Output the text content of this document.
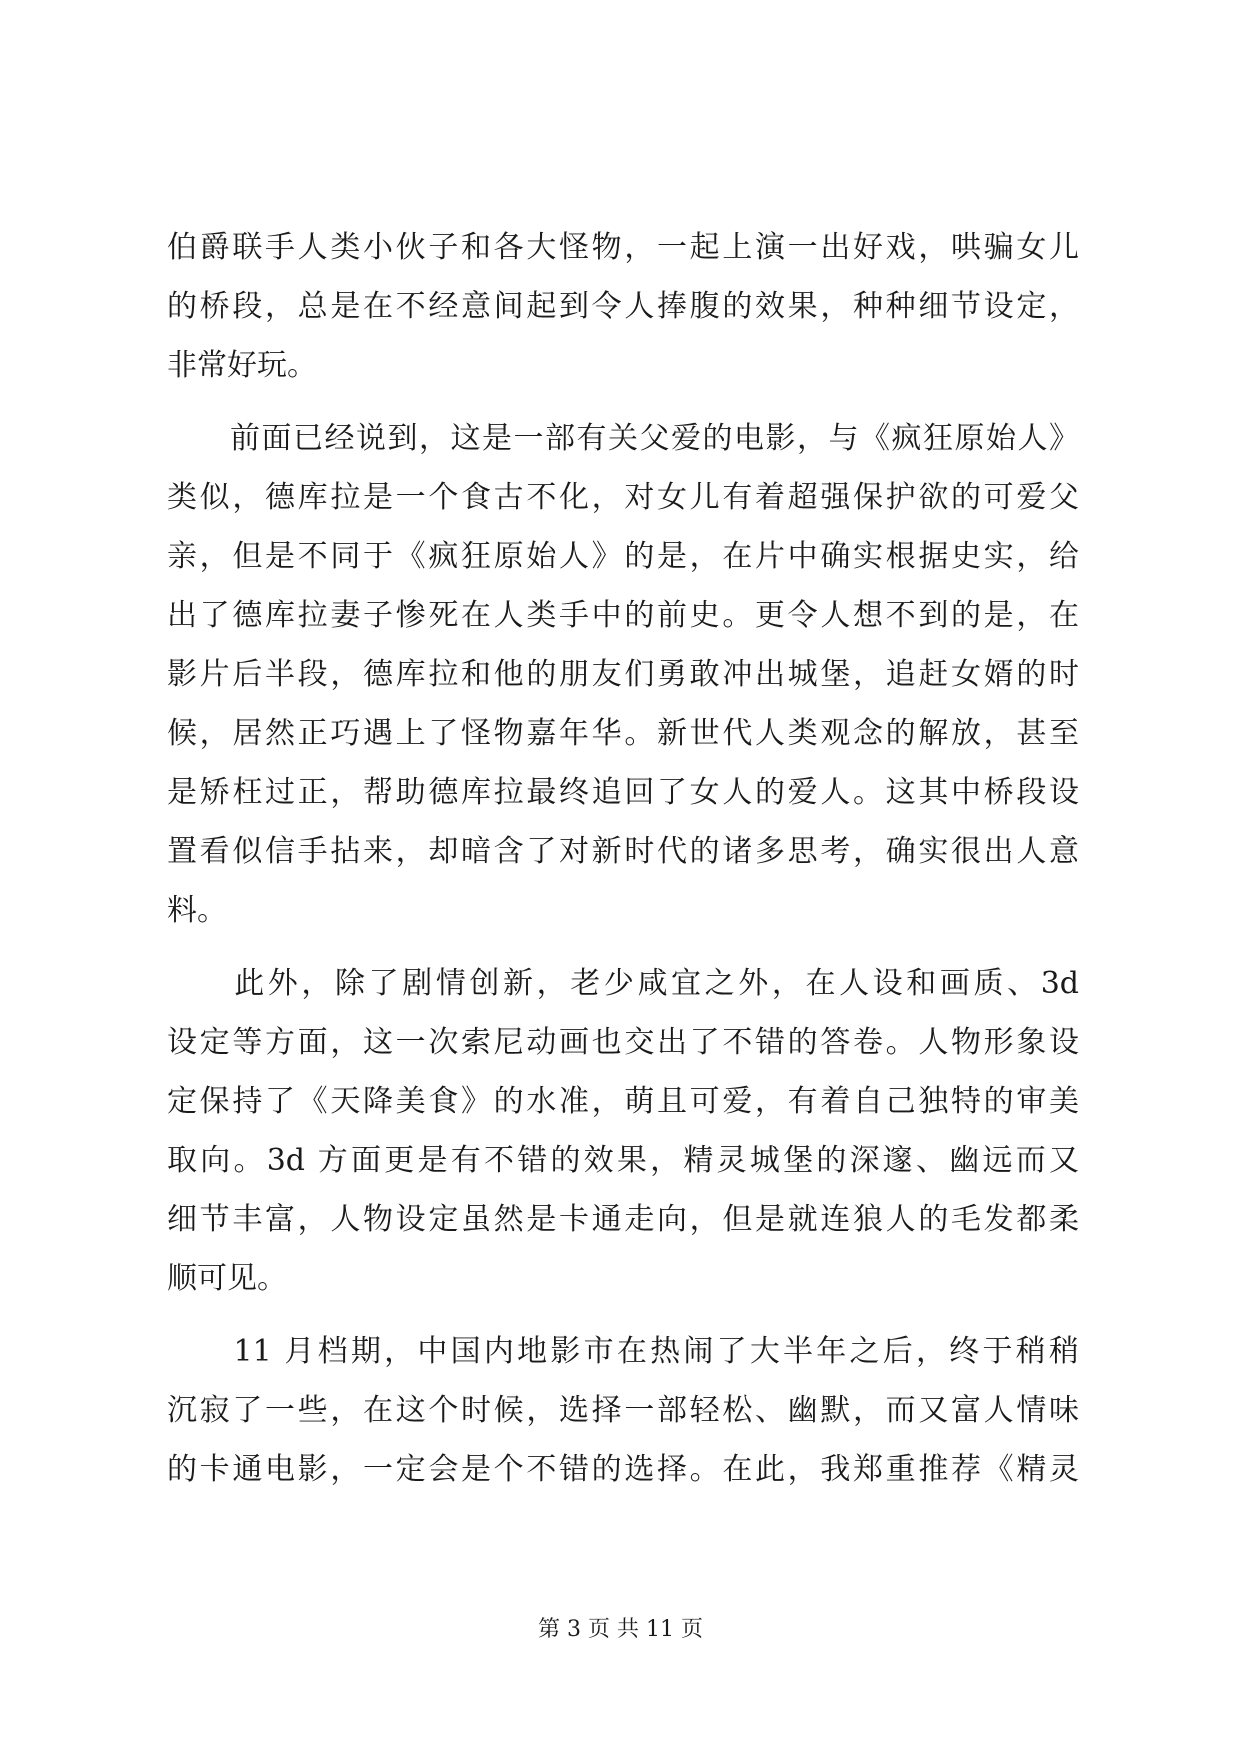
伯爵联手人类小伙子和各大怪物，一起上演一出好戏，哄骗女儿
的桥段，总是在不经意间起到令人捧腹的效果，种种细节设定，
非常好玩。
　　前面已经说到，这是一部有关父爱的电影，与《疯狂原始人》
类似，德库拉是一个食古不化，对女儿有着超强保护欲的可爱父
亲，但是不同于《疯狂原始人》的是，在片中确实根据史实，给
出了德库拉妻子惨死在人类手中的前史。更令人想不到的是，在
影片后半段，德库拉和他的朋友们勇敢冲出城堡，追赶女婿的时
候，居然正巧遇上了怪物嘉年华。新世代人类观念的解放，甚至
是矫枉过正，帮助德库拉最终追回了女人的爱人。这其中桥段设
置看似信手拈来，却暗含了对新时代的诸多思考，确实很出人意
料。
　　此外，除了剧情创新，老少咸宜之外，在人设和画质、3d
设定等方面，这一次索尼动画也交出了不错的答卷。人物形象设
定保持了《天降美食》的水准，萌且可爱，有着自己独特的审美
取向。3d 方面更是有不错的效果，精灵城堡的深邃、幽远而又
细节丰富，人物设定虽然是卡通走向，但是就连狼人的毛发都柔
顺可见。
　　11 月档期，中国内地影市在热闹了大半年之后，终于稍稍
沉寂了一些，在这个时候，选择一部轻松、幽默，而又富人情味
的卡通电影，一定会是个不错的选择。在此，我郑重推荐《精灵
第 3 页 共 11 页
